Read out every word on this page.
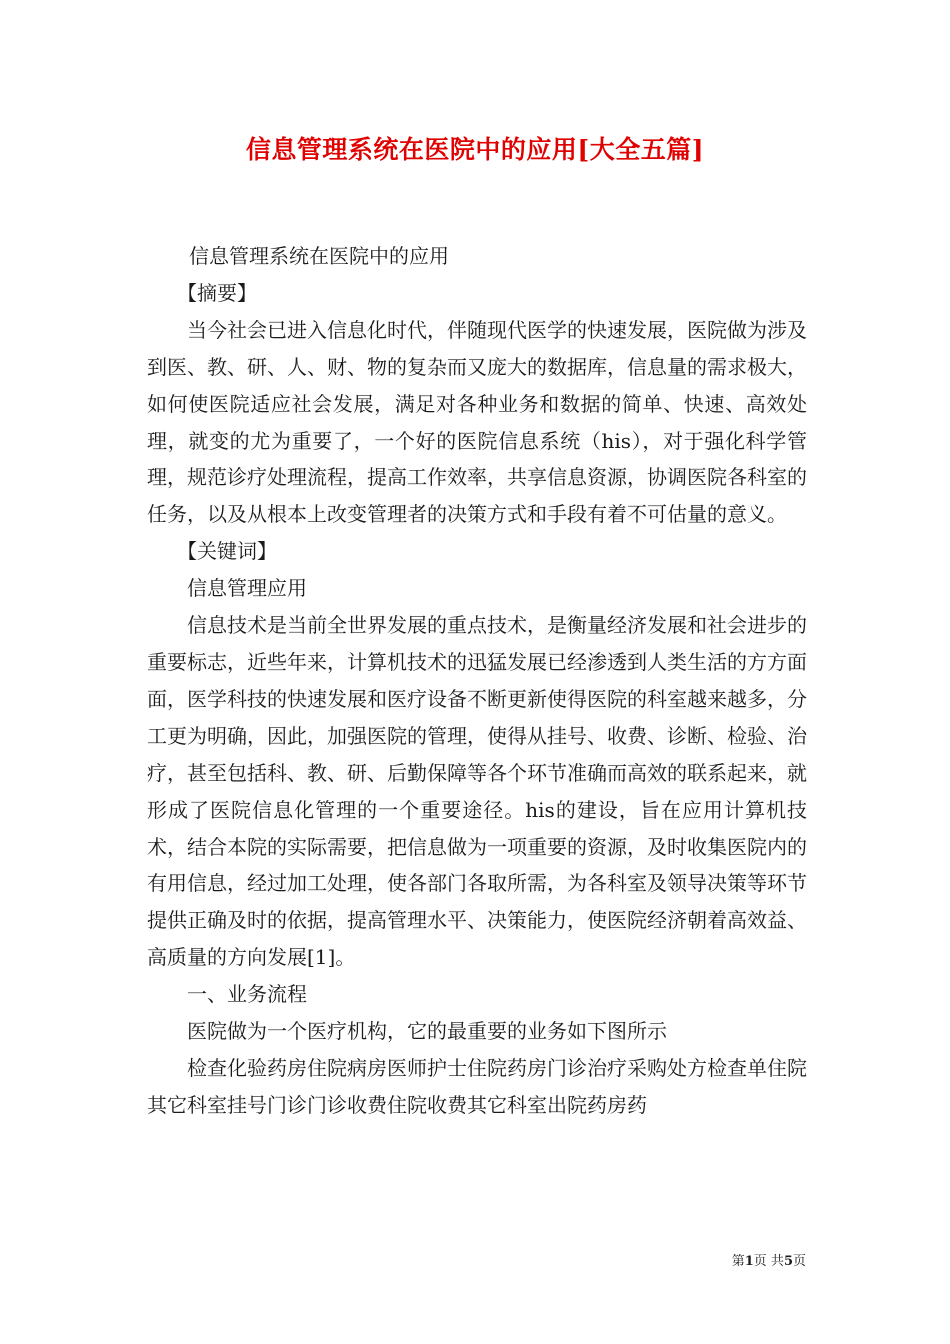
信息管理系统在医院中的应用[大全五篇]

信息管理系统在医院中的应用

【摘要】

当今社会已进入信息化时代，伴随现代医学的快速发展，医院做为涉及到医、教、研、人、财、物的复杂而又庞大的数据库，信息量的需求极大，如何使医院适应社会发展，满足对各种业务和数据的简单、快速、高效处理，就变的尤为重要了，一个好的医院信息系统（his），对于强化科学管理，规范诊疗处理流程，提高工作效率，共享信息资源，协调医院各科室的任务，以及从根本上改变管理者的决策方式和手段有着不可估量的意义。

【关键词】

信息管理应用

信息技术是当前全世界发展的重点技术，是衡量经济发展和社会进步的重要标志，近些年来，计算机技术的迅猛发展已经渗透到人类生活的方方面面，医学科技的快速发展和医疗设备不断更新使得医院的科室越来越多，分工更为明确，因此，加强医院的管理，使得从挂号、收费、诊断、检验、治疗，甚至包括科、教、研、后勤保障等各个环节准确而高效的联系起来，就形成了医院信息化管理的一个重要途径。his的建设，旨在应用计算机技术，结合本院的实际需要，把信息做为一项重要的资源，及时收集医院内的有用信息，经过加工处理，使各部门各取所需，为各科室及领导决策等环节提供正确及时的依据，提高管理水平、决策能力，使医院经济朝着高效益、高质量的方向发展[1]。

一、业务流程

医院做为一个医疗机构，它的最重要的业务如下图所示

检查化验药房住院病房医师护士住院药房门诊治疗采购处方检查单住院其它科室挂号门诊门诊收费住院收费其它科室出院药房药

第1页 共5页
